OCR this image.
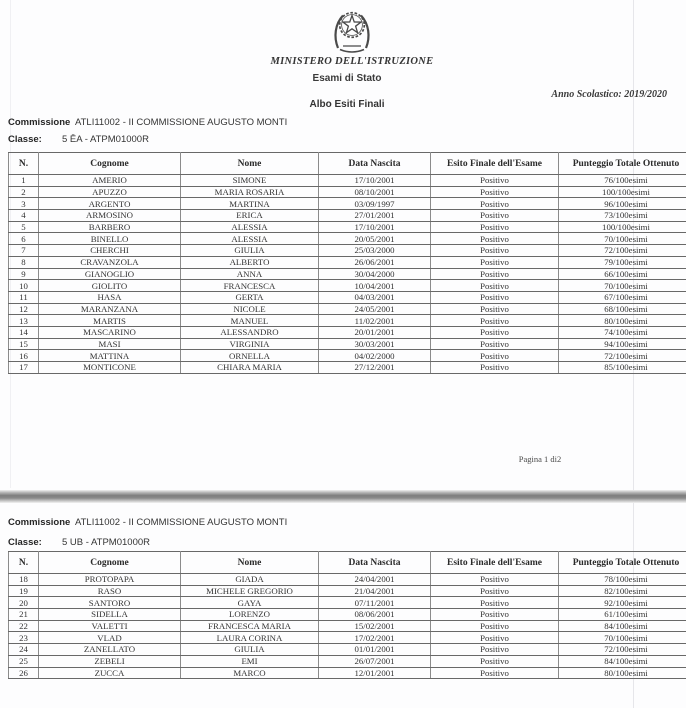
MINISTERO DELL'ISTRUZIONE
Esami di Stato
Anno Scolastico: 2019/2020
Albo Esiti Finali
Commissione ATLI11002 - II COMMISSIONE AUGUSTO MONTI
Classe: 5 ĒA - ATPM01000R
N.	Cognome	Nome	Data Nascita	Esito Finale dell'Esame	Punteggio Totale Ottenuto
1	AMERIO	SIMONE	17/10/2001	Positivo	76/100esimi
2	APUZZO	MARIA ROSARIA	08/10/2001	Positivo	100/100esimi
3	ARGENTO	MARTINA	03/09/1997	Positivo	96/100esimi
4	ARMOSINO	ERICA	27/01/2001	Positivo	73/100esimi
5	BARBERO	ALESSIA	17/10/2001	Positivo	100/100esimi
6	BINELLO	ALESSIA	20/05/2001	Positivo	70/100esimi
7	CHERCHI	GIULIA	25/03/2000	Positivo	72/100esimi
8	CRAVANZOLA	ALBERTO	26/06/2001	Positivo	79/100esimi
9	GIANOGLIO	ANNA	30/04/2000	Positivo	66/100esimi
10	GIOLITO	FRANCESCA	10/04/2001	Positivo	70/100esimi
11	HASA	GERTA	04/03/2001	Positivo	67/100esimi
12	MARANZANA	NICOLE	24/05/2001	Positivo	68/100esimi
13	MARTIS	MANUEL	11/02/2001	Positivo	80/100esimi
14	MASCARINO	ALESSANDRO	20/01/2001	Positivo	74/100esimi
15	MASI	VIRGINIA	30/03/2001	Positivo	94/100esimi
16	MATTINA	ORNELLA	04/02/2000	Positivo	72/100esimi
17	MONTICONE	CHIARA MARIA	27/12/2001	Positivo	85/100esimi
Pagina 1 di2
Commissione ATLI11002 - II COMMISSIONE AUGUSTO MONTI
Classe: 5 UB - ATPM01000R
N.	Cognome	Nome	Data Nascita	Esito Finale dell'Esame	Punteggio Totale Ottenuto
18	PROTOPAPA	GIADA	24/04/2001	Positivo	78/100esimi
19	RASO	MICHELE GREGORIO	21/04/2001	Positivo	82/100esimi
20	SANTORO	GAYA	07/11/2001	Positivo	92/100esimi
21	SIDELLA	LORENZO	08/06/2001	Positivo	61/100esimi
22	VALETTI	FRANCESCA MARIA	15/02/2001	Positivo	84/100esimi
23	VLAD	LAURA CORINA	17/02/2001	Positivo	70/100esimi
24	ZANELLATO	GIULIA	01/01/2001	Positivo	72/100esimi
25	ZEBELI	EMI	26/07/2001	Positivo	84/100esimi
26	ZUCCA	MARCO	12/01/2001	Positivo	80/100esimi
